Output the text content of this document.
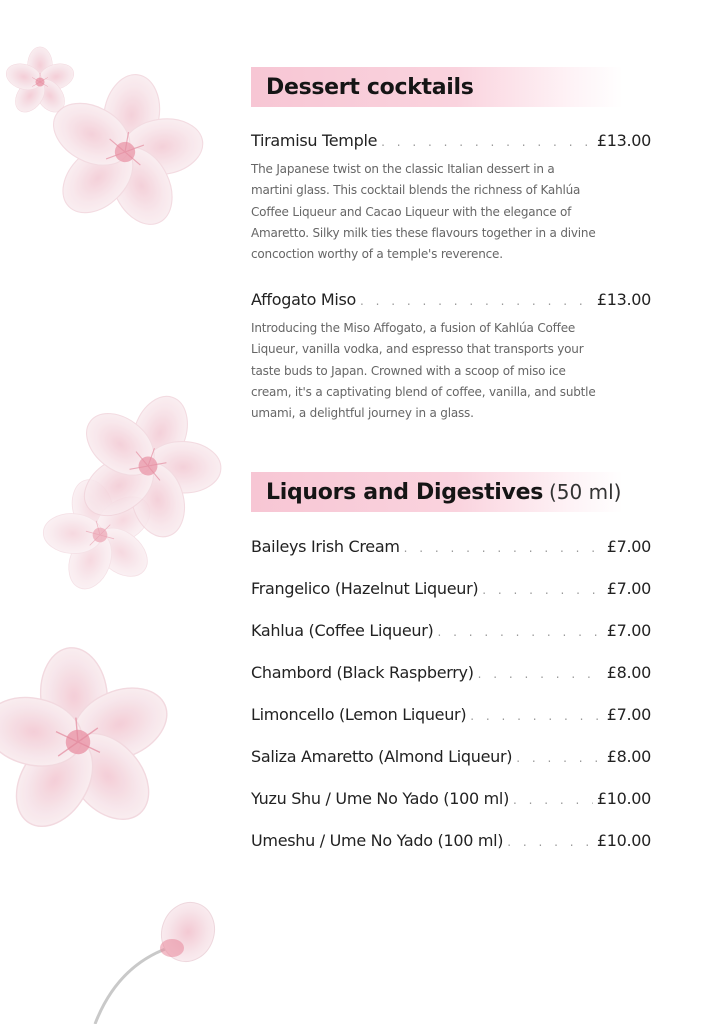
Dessert cocktails
Tiramisu Temple . . .	£13.00
The Japanese twist on the classic Italian dessert in a martini glass. This cocktail blends the richness of Kahlúa Coffee Liqueur and Cacao Liqueur with the elegance of Amaretto. Silky milk ties these flavours together in a divine concoction worthy of a temple's reverence.
Affogato Miso . . .	£13.00
Introducing the Miso Affogato, a fusion of Kahlúa Coffee Liqueur, vanilla vodka, and espresso that transports your taste buds to Japan. Crowned with a scoop of miso ice cream, it's a captivating blend of coffee, vanilla, and subtle umami, a delightful journey in a glass.
Liquors and Digestives (50 ml)
Baileys Irish Cream . . .	£7.00
Frangelico (Hazelnut Liqueur) . . .	£7.00
Kahlua (Coffee Liqueur) . . .	£7.00
Chambord (Black Raspberry) . . .	£8.00
Limoncello (Lemon Liqueur) . . .	£7.00
Saliza Amaretto (Almond Liqueur) . . .	£8.00
Yuzu Shu / Ume No Yado (100 ml) . . .	£10.00
Umeshu / Ume No Yado (100 ml) . . .	£10.00
